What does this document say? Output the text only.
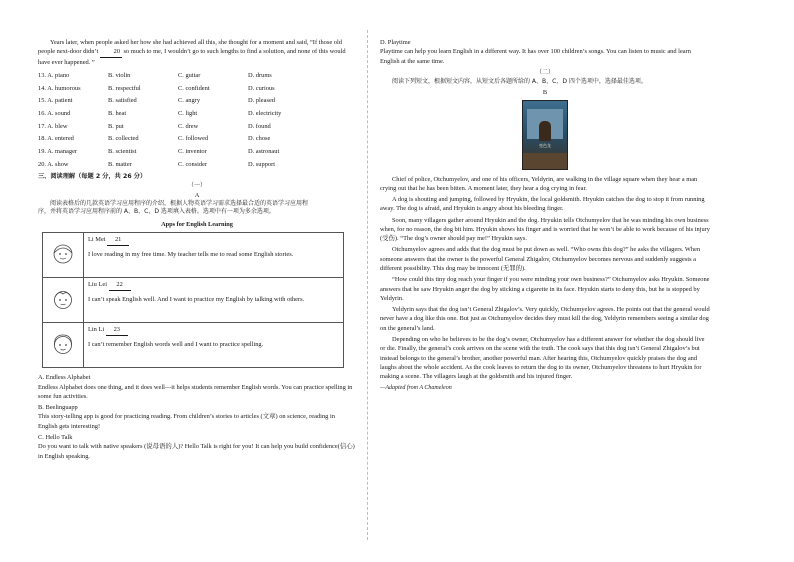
Years later, when people asked her how she had achieved all this, she thought for a moment and said, “If those old people next-door didn’t 20 so much to me, I wouldn’t go to such lengths to find a solution, and none of this would have ever happened. ”

13. A. piano	B. violin	C. guitar	D. drums
14. A. humorous	B. respectful	C. confident	D. curious
15. A. patient	B. satisfied	C. angry	D. pleased
16. A. sound	B. heat	C. light	D. electricity
17. A. blew	B. put	C. drew	D. found
18. A. entered	B. collected	C. followed	D. chose
19. A. manager	B. scientist	C. inventor	D. astronaut
20. A. show	B. matter	C. consider	D. support

三、阅读理解（每题 2 分，共 26 分）

（一）

A

阅读表格后的几款英语学习应用程序的介绍，根据人物英语学习需求选择最合适的英语学习应用程

序，并将英语学习应用程序前的 A、B、C、D 选项填入表格。选项中有一项为多余选项。

Apps for English Learning

Li Mei 21
I love reading in my free time. My teacher tells me to read some English stories.

Liu Lei 22
I can’t speak English well. And I want to practice my English by talking with others.

Lin Li 23
I can’t remember English words well and I want to practice spelling.

A. Endless Alphabet

Endless Alphabet does one thing, and it does well—it helps students remember English words. You can practice spelling in some fun activities.

B. Beelinguapp

This story-telling app is good for practicing reading. From children’s stories to articles (文章) on science, reading in English gets interesting!

C. Hello Talk

Do you want to talk with native speakers (说母语的人)? Hello Talk is right for you! It can help you build confidence(信心) in English speaking.

D. Playtime

Playtime can help you learn English in a different way. It has over 100 children’s songs. You can listen to music and learn English at the same time.

（二）

阅读下列短文，根据短文内容，从短文后各题所给的 A、B、C、D 四个选项中，选择最佳选项。

B

变色龙

Chief of police, Otchumyelov, and one of his officers, Yeldyrin, are walking in the village square when they hear a man crying out that he has been bitten. A moment later, they hear a dog crying in fear.

A dog is shouting and jumping, followed by Hryukin, the local goldsmith. Hryukin catches the dog to stop it from running away. The dog is afraid, and Hryukin is angry about his bleeding finger.

Soon, many villagers gather around Hryukin and the dog. Hryukin tells Otchumyelov that he was minding his own business when, for no reason, the dog bit him. Hryukin shows his finger and is worried that he won’t be able to work because of his injury (受伤). “The dog’s owner should pay me!” Hryukin says.

Otchumyelov agrees and adds that the dog must be put down as well. “Who owns this dog?” he asks the villagers. When someone answers that the owner is the powerful General Zhigalov, Otchumyelov becomes nervous and suddenly suggests a different possibility. This dog may be innocent (无罪的).

“How could this tiny dog reach your finger if you were minding your own business?” Otchumyelov asks Hryukin. Someone answers that he saw Hryukin anger the dog by sticking a cigarette in its face. Hryukin starts to deny this, but he is stopped by Yeldyrin.

Yeldyrin says that the dog isn’t General Zhigalov’s. Very quickly, Otchumyelov agrees. He points out that the general would never have a dog like this one. But just as Otchumyelov decides they must kill the dog, Yeldyrin remembers seeing a similar dog on the general’s land.

Depending on who he believes to be the dog’s owner, Otchumyelov has a different answer for whether the dog should live or die. Finally, the general’s cook arrives on the scene with the truth. The cook says that this dog isn’t General Zhigalov’s but instead belongs to the general’s brother, another powerful man. After hearing this, Otchumyelov quickly praises the dog and laughs about the whole accident. As the cook leaves to return the dog to its owner, Otchumyelov threatens to hurt Hryukin for making a scene. The villagers laugh at the goldsmith and his injured finger.

—Adapted from A Chameleon
